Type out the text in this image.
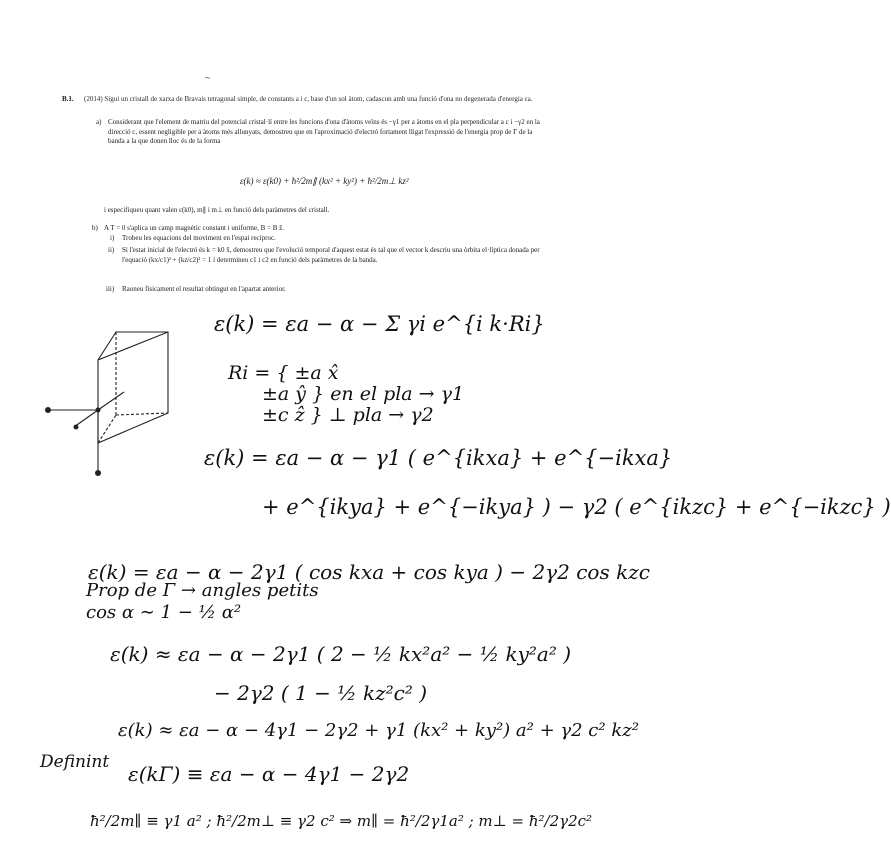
~
B.1. (2014) Sigui un cristall de xarxa de Bravais tetragonal simple, de constants a i c, base d'un sol àtom, cadascun amb una funció d'ona no degenerada d'energia εa.
a) Considerant que l'element de matriu del potencial cristal·lí entre les funcions d'ona d'àtoms veïns és −γ1 per a àtoms en el pla perpendicular a c i −γ2 en la direcció c, essent negligible per a àtoms més allunyats, demostreu que en l'aproximació d'electró fortament lligat l'expressió de l'energia prop de Γ de la banda a la que donen lloc és de la forma
ε(k) ≈ ε(k0) + ħ²/2m∥ (kx² + ky²) + ħ²/2m⊥ kz²
i especifiqueu quant valen ε(k0), m∥ i m⊥ en funció dels paràmetres del cristall.
b) A T = 0 s'aplica un camp magnètic constant i uniforme, B = B ẑ.
i) Trobeu les equacions del moviment en l'espai recíproc.
ii) Si l'estat inicial de l'electró és k = k0 x̂, demostreu que l'evolució temporal d'aquest estat és tal que el vector k descriu una òrbita el·líptica donada per l'equació (kx/c1)² + (kz/c2)² = 1 i determineu c1 i c2 en funció dels paràmetres de la banda.
iii) Raoneu físicament el resultat obtingut en l'apartat anterior.
ε(k) = εa − α − Σ γi e^{i k·Ri}
Ri = { ±a x̂
±a ŷ } en el pla → γ1
±c ẑ } ⊥ pla → γ2
ε(k) = εa − α − γ1 ( e^{ikxa} + e^{−ikxa}
+ e^{ikya} + e^{−ikya} ) − γ2 ( e^{ikzc} + e^{−ikzc} )
ε(k) = εa − α − 2γ1 ( cos kxa + cos kya ) − 2γ2 cos kzc
Prop de Γ → angles petits
cos α ∼ 1 − ½ α²
ε(k) ≈ εa − α − 2γ1 ( 2 − ½ kx²a² − ½ ky²a² )
− 2γ2 ( 1 − ½ kz²c² )
ε(k) ≈ εa − α − 4γ1 − 2γ2 + γ1 (kx² + ky²) a² + γ2 c² kz²
Definint ε(kΓ) ≡ εa − α − 4γ1 − 2γ2
ħ²/2m∥ ≡ γ1 a² ; ħ²/2m⊥ ≡ γ2 c² ⇒ m∥ = ħ²/2γ1a² ; m⊥ = ħ²/2γ2c²
